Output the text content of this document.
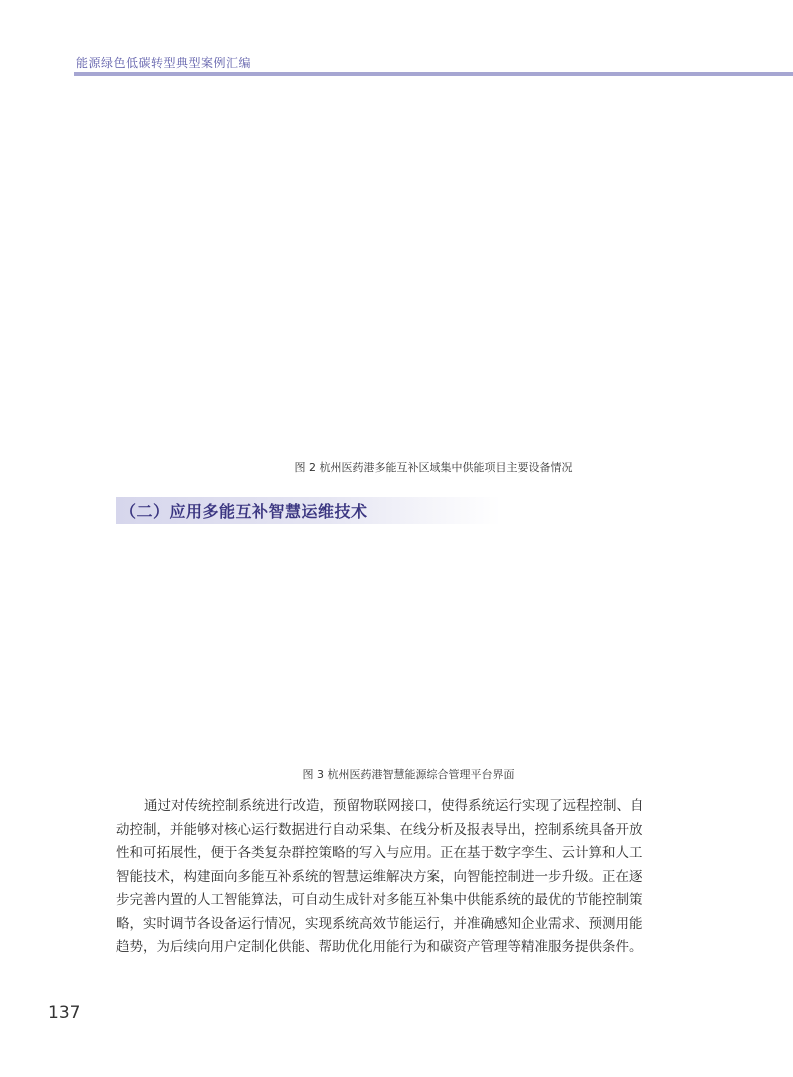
能源绿色低碳转型典型案例汇编
图 2 杭州医药港多能互补区域集中供能项目主要设备情况
（二）应用多能互补智慧运维技术
图 3 杭州医药港智慧能源综合管理平台界面
通过对传统控制系统进行改造，预留物联网接口，使得系统运行实现了远程控制、自
动控制，并能够对核心运行数据进行自动采集、在线分析及报表导出，控制系统具备开放
性和可拓展性，便于各类复杂群控策略的写入与应用。正在基于数字孪生、云计算和人工
智能技术，构建面向多能互补系统的智慧运维解决方案，向智能控制进一步升级。正在逐
步完善内置的人工智能算法，可自动生成针对多能互补集中供能系统的最优的节能控制策
略，实时调节各设备运行情况，实现系统高效节能运行，并准确感知企业需求、预测用能
趋势，为后续向用户定制化供能、帮助优化用能行为和碳资产管理等精准服务提供条件。
137
